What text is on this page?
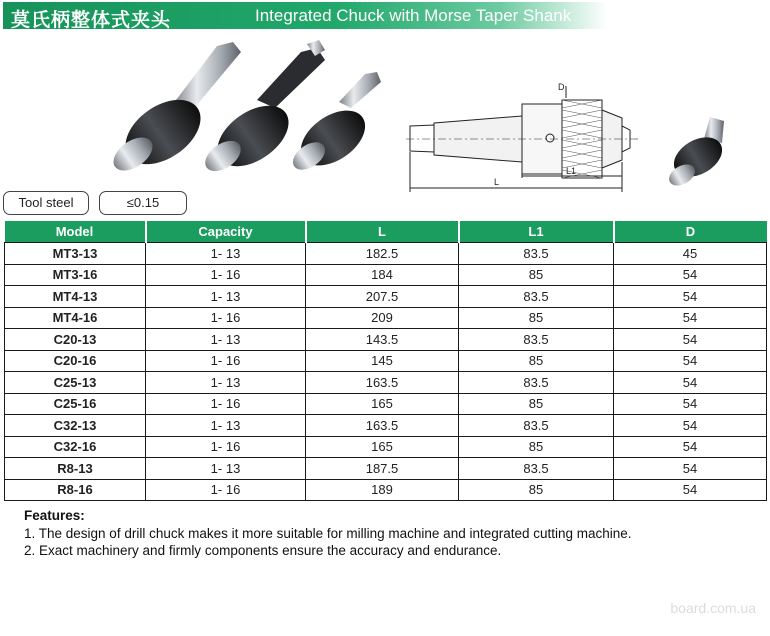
莫氏柄整体式夹头	Integrated Chuck with Morse Taper Shank
D
L1
L
Tool steel	≤0.15
Model	Capacity	L	L1	D
MT3-13	1- 13	182.5	83.5	45
MT3-16	1- 16	184	85	54
MT4-13	1- 13	207.5	83.5	54
MT4-16	1- 16	209	85	54
C20-13	1- 13	143.5	83.5	54
C20-16	1- 16	145	85	54
C25-13	1- 13	163.5	83.5	54
C25-16	1- 16	165	85	54
C32-13	1- 13	163.5	83.5	54
C32-16	1- 16	165	85	54
R8-13	1- 13	187.5	83.5	54
R8-16	1- 16	189	85	54
Features:
1. The design of drill chuck makes it more suitable for milling machine and integrated cutting machine.
2. Exact machinery and firmly components ensure the accuracy and endurance.
board.com.ua
